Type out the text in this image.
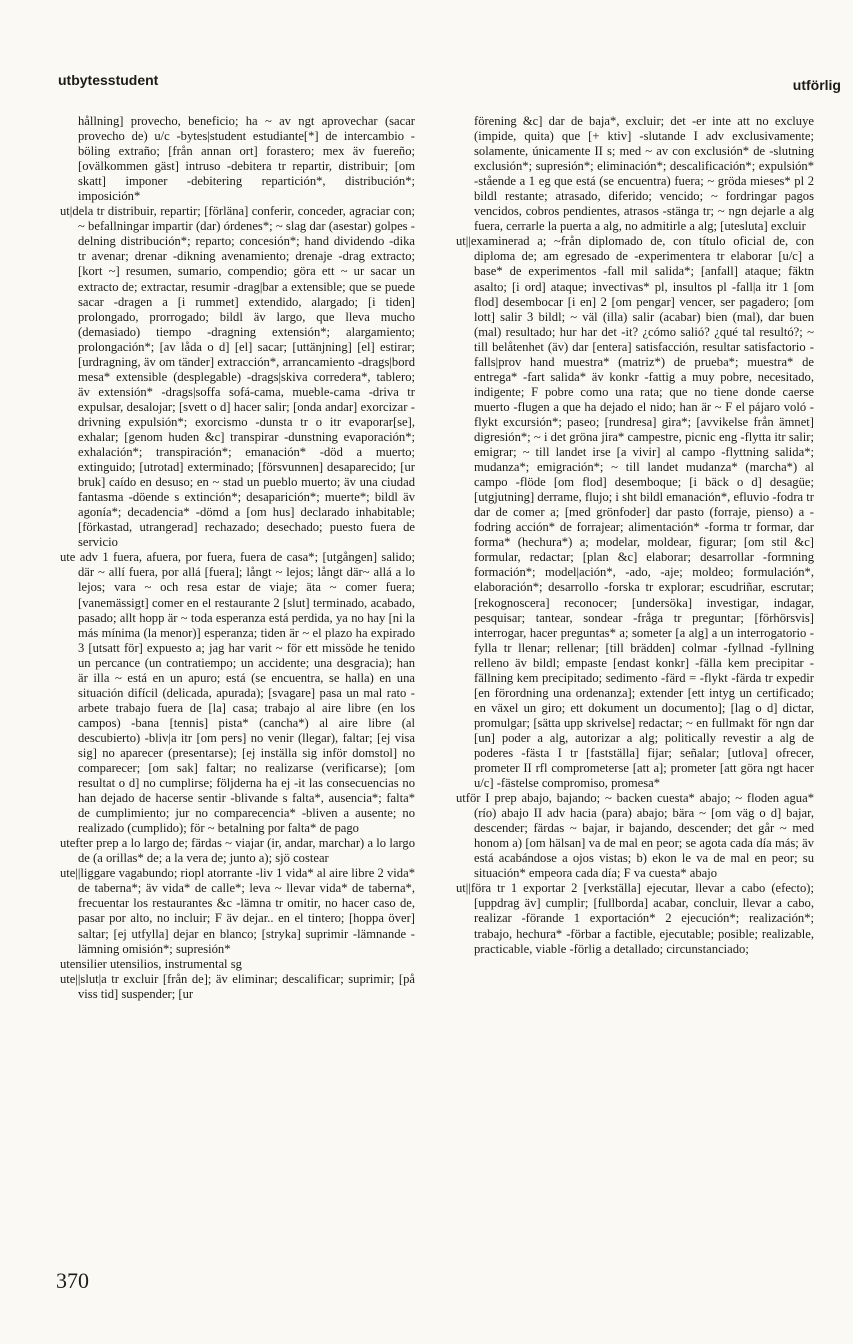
utbytesstudent	utförlig

hållning] provecho, beneficio; ha ~ av ngt aprovechar (sacar provecho de) u/c -bytes|student estudiante[*] de intercambio -böling extraño; [från annan ort] forastero; mex äv fuereño; [ovälkommen gäst] intruso -debitera tr repartir, distribuir; [om skatt] imponer -debitering repartición*, distribución*; imposición*

ut|dela tr distribuir, repartir; [förläna] conferir, conceder, agraciar con; ~ befallningar impartir (dar) órdenes*; ~ slag dar (asestar) golpes -delning distribución*; reparto; concesión*; hand dividendo -dika tr avenar; drenar -dikning avenamiento; drenaje -drag extracto; [kort ~] resumen, sumario, compendio; göra ett ~ ur sacar un extracto de; extractar, resumir -drag|bar a extensible; que se puede sacar -dragen a [i rummet] extendido, alargado; [i tiden] prolongado, prorrogado; bildl äv largo, que lleva mucho (demasiado) tiempo -dragning extensión*; alargamiento; prolongación*; [av låda o d] [el] sacar; [uttänjning] [el] estirar; [urdragning, äv om tänder] extracción*, arrancamiento -drags|bord mesa* extensible (desplegable) -drags|skiva corredera*, tablero; äv extensión* -drags|soffa sofá-cama, mueble-cama -driva tr expulsar, desalojar; [svett o d] hacer salir; [onda andar] exorcizar -drivning expulsión*; exorcismo -dunsta tr o itr evaporar[se], exhalar; [genom huden &c] transpirar -dunstning evaporación*; exhalación*; transpiración*; emanación* -död a muerto; extinguido; [utrotad] exterminado; [försvunnen] desaparecido; [ur bruk] caído en desuso; en ~ stad un pueblo muerto; äv una ciudad fantasma -döende s extinción*; desaparición*; muerte*; bildl äv agonía*; decadencia* -dömd a [om hus] declarado inhabitable; [förkastad, utrangerad] rechazado; desechado; puesto fuera de servicio

ute adv 1 fuera, afuera, por fuera, fuera de casa*; [utgången] salido; där ~ allí fuera, por allá [fuera]; långt ~ lejos; långt där~ allá a lo lejos; vara ~ och resa estar de viaje; äta ~ comer fuera; [vanemässigt] comer en el restaurante 2 [slut] terminado, acabado, pasado; allt hopp är ~ toda esperanza está perdida, ya no hay [ni la más mínima (la menor)] esperanza; tiden är ~ el plazo ha expirado 3 [utsatt för] expuesto a; jag har varit ~ för ett missöde he tenido un percance (un contratiempo; un accidente; una desgracia); han är illa ~ está en un apuro; está (se encuentra, se halla) en una situación difícil (delicada, apurada); [svagare] pasa un mal rato -arbete trabajo fuera de [la] casa; trabajo al aire libre (en los campos) -bana [tennis] pista* (cancha*) al aire libre (al descubierto) -bliv|a itr [om pers] no venir (llegar), faltar; [ej visa sig] no aparecer (presentarse); [ej inställa sig inför domstol] no comparecer; [om sak] faltar; no realizarse (verificarse); [om resultat o d] no cumplirse; följderna ha ej -it las consecuencias no han dejado de hacerse sentir -blivande s falta*, ausencia*; falta* de cumplimiento; jur no comparecencia* -bliven a ausente; no realizado (cumplido); för ~ betalning por falta* de pago

utefter prep a lo largo de; färdas ~ viajar (ir, andar, marchar) a lo largo de (a orillas* de; a la vera de; junto a); sjö costear

ute||liggare vagabundo; riopl atorrante -liv 1 vida* al aire libre 2 vida* de taberna*; äv vida* de calle*; leva ~ llevar vida* de taberna*, frecuentar los restaurantes &c -lämna tr omitir, no hacer caso de, pasar por alto, no incluir; F äv dejar.. en el tintero; [hoppa över] saltar; [ej utfylla] dejar en blanco; [stryka] suprimir -lämnande -lämning omisión*; supresión*

utensilier utensilios, instrumental sg

ute||slut|a tr excluir [från de]; äv eliminar; descalificar; suprimir; [på viss tid] suspender; [ur

förening &c] dar de baja*, excluir; det -er inte att no excluye (impide, quita) que [+ ktiv] -slutande I adv exclusivamente; solamente, únicamente II s; med ~ av con exclusión* de -slutning exclusión*; supresión*; eliminación*; descalificación*; expulsión* -stående a 1 eg que está (se encuentra) fuera; ~ gröda mieses* pl 2 bildl restante; atrasado, diferido; vencido; ~ fordringar pagos vencidos, cobros pendientes, atrasos -stänga tr; ~ ngn dejarle a alg fuera, cerrarle la puerta a alg, no admitirle a alg; [utesluta] excluir

ut||examinerad a; ~från diplomado de, con título oficial de, con diploma de; am egresado de -experimentera tr elaborar [u/c] a base* de experimentos -fall mil salida*; [anfall] ataque; fäktn asalto; [i ord] ataque; invectivas* pl, insultos pl -fall|a itr 1 [om flod] desembocar [i en] 2 [om pengar] vencer, ser pagadero; [om lott] salir 3 bildl; ~ väl (illa) salir (acabar) bien (mal), dar buen (mal) resultado; hur har det -it? ¿cómo salió? ¿qué tal resultó?; ~ till belåtenhet (äv) dar [entera] satisfacción, resultar satisfactorio -falls|prov hand muestra* (matriz*) de prueba*; muestra* de entrega* -fart salida* äv konkr -fattig a muy pobre, necesitado, indigente; F pobre como una rata; que no tiene donde caerse muerto -flugen a que ha dejado el nido; han är ~ F el pájaro voló -flykt excursión*; paseo; [rundresa] gira*; [avvikelse från ämnet] digresión*; ~ i det gröna jira* campestre, picnic eng -flytta itr salir; emigrar; ~ till landet irse [a vivir] al campo -flyttning salida*; mudanza*; emigración*; ~ till landet mudanza* (marcha*) al campo -flöde [om flod] desemboque; [i bäck o d] desagüe; [utgjutning] derrame, flujo; i sht bildl emanación*, efluvio -fodra tr dar de comer a; [med grönfoder] dar pasto (forraje, pienso) a -fodring acción* de forrajear; alimentación* -forma tr formar, dar forma* (hechura*) a; modelar, moldear, figurar; [om stil &c] formular, redactar; [plan &c] elaborar; desarrollar -formning formación*; model|ación*, -ado, -aje; moldeo; formulación*, elaboración*; desarrollo -forska tr explorar; escudriñar, escrutar; [rekognoscera] reconocer; [undersöka] investigar, indagar, pesquisar; tantear, sondear -fråga tr preguntar; [förhörsvis] interrogar, hacer preguntas* a; someter [a alg] a un interrogatorio -fylla tr llenar; rellenar; [till brädden] colmar -fyllnad -fyllning relleno äv bildl; empaste [endast konkr] -fälla kem precipitar -fällning kem precipitado; sedimento -färd = -flykt -färda tr expedir [en förordning una ordenanza]; extender [ett intyg un certificado; en växel un giro; ett dokument un documento]; [lag o d] dictar, promulgar; [sätta upp skrivelse] redactar; ~ en fullmakt för ngn dar [un] poder a alg, autorizar a alg; politically revestir a alg de poderes -fästa I tr [fastställa] fijar; señalar; [utlova] ofrecer, prometer II rfl comprometerse [att a]; prometer [att göra ngt hacer u/c] -fästelse compromiso, promesa*

utför I prep abajo, bajando; ~ backen cuesta* abajo; ~ floden agua* (río) abajo II adv hacia (para) abajo; bära ~ [om väg o d] bajar, descender; färdas ~ bajar, ir bajando, descender; det går ~ med honom a) [om hälsan] va de mal en peor; se agota cada día más; äv está acabándose a ojos vistas; b) ekon le va de mal en peor; su situación* empeora cada día; F va cuesta* abajo

ut||föra tr 1 exportar 2 [verkställa] ejecutar, llevar a cabo (efecto); [uppdrag äv] cumplir; [fullborda] acabar, concluir, llevar a cabo, realizar -förande 1 exportación* 2 ejecución*; realización*; trabajo, hechura* -förbar a factible, ejecutable; posible; realizable, practicable, viable -förlig a detallado; circunstanciado;

370
